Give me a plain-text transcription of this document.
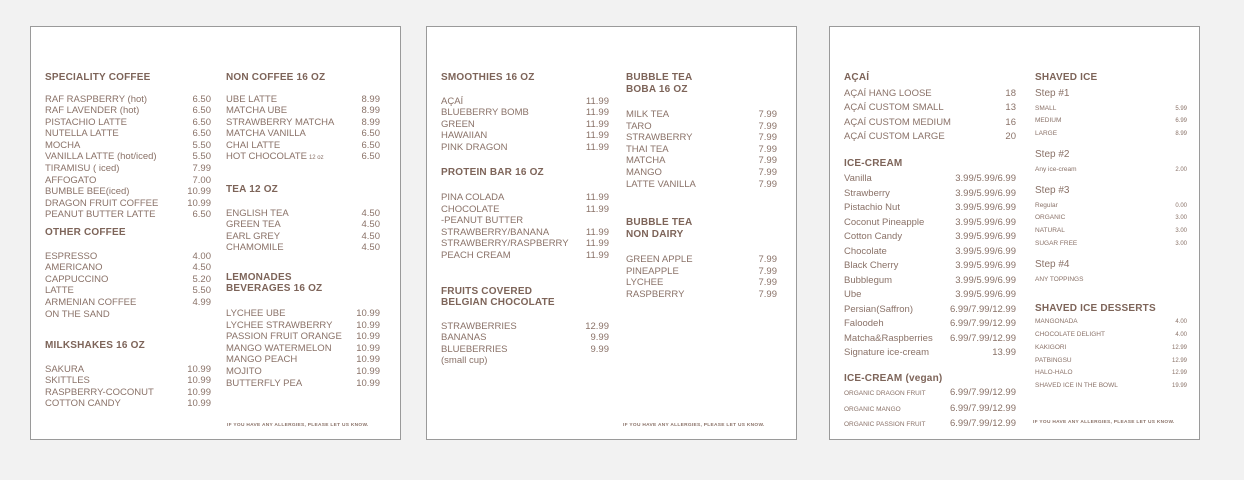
SPECIALITY COFFEE
RAF RASPBERRY (hot)	6.50
RAF LAVENDER (hot)	6.50
PISTACHIO LATTE	6.50
NUTELLA LATTE	6.50
MOCHA	5.50
VANILLA LATTE (hot/iced)	5.50
TIRAMISU ( iced)	7.99
AFFOGATO	7.00
BUMBLE BEE(iced)	10.99
DRAGON FRUIT COFFEE	10.99
PEANUT BUTTER LATTE	6.50
OTHER COFFEE
ESPRESSO	4.00
AMERICANO	4.50
CAPPUCCINO	5.20
LATTE	5.50
ARMENIAN COFFEE	4.99
ON THE SAND
MILKSHAKES 16 OZ
SAKURA	10.99
SKITTLES	10.99
RASPBERRY-COCONUT	10.99
COTTON CANDY	10.99
NON COFFEE 16 OZ
UBE LATTE	8.99
MATCHA UBE	8.99
STRAWBERRY MATCHA	8.99
MATCHA VANILLA	6.50
CHAI LATTE	6.50
HOT CHOCOLATE 12 oz	6.50
TEA 12 OZ
ENGLISH TEA	4.50
GREEN TEA	4.50
EARL GREY	4.50
CHAMOMILE	4.50
LEMONADES
BEVERAGES 16 OZ
LYCHEE UBE	10.99
LYCHEE STRAWBERRY	10.99
PASSION FRUIT ORANGE 10.99
MANGO WATERMELON	10.99
MANGO PEACH	10.99
MOJITO	10.99
BUTTERFLY PEA	10.99
IF YOU HAVE ANY ALLERGIES, PLEASE LET US KNOW.
SMOOTHIES 16 OZ
AÇAÍ	11.99
BLUEBERRY BOMB	11.99
GREEN	11.99
HAWAIIAN	11.99
PINK DRAGON	11.99
PROTEIN BAR 16 OZ
PINA COLADA	11.99
CHOCOLATE	11.99
-PEANUT BUTTER
STRAWBERRY/BANANA	11.99
STRAWBERRY/RASPBERRY 11.99
PEACH CREAM	11.99
FRUITS COVERED
BELGIAN CHOCOLATE
STRAWBERRIES	12.99
BANANAS	9.99
BLUEBERRIES	9.99
(small cup)
BUBBLE TEA
BOBA 16 OZ
MILK TEA	7.99
TARO	7.99
STRAWBERRY	7.99
THAI TEA	7.99
MATCHA	7.99
MANGO	7.99
LATTE VANILLA	7.99
BUBBLE TEA
NON DAIRY
GREEN APPLE	7.99
PINEAPPLE	7.99
LYCHEE	7.99
RASPBERRY	7.99
IF YOU HAVE ANY ALLERGIES, PLEASE LET US KNOW.
AÇAÍ
AÇAÍ HANG LOOSE	18
AÇAÍ CUSTOM SMALL	13
AÇAÍ CUSTOM MEDIUM	16
AÇAÍ CUSTOM LARGE	20
ICE-CREAM
Vanilla	3.99/5.99/6.99
Strawberry	3.99/5.99/6.99
Pistachio Nut	3.99/5.99/6.99
Coconut Pineapple	3.99/5.99/6.99
Cotton Candy	3.99/5.99/6.99
Chocolate	3.99/5.99/6.99
Black Cherry	3.99/5.99/6.99
Bubblegum	3.99/5.99/6.99
Ube	3.99/5.99/6.99
Persian(Saffron)	6.99/7.99/12.99
Faloodeh	6.99/7.99/12.99
Matcha&Raspberries 6.99/7.99/12.99
Signature ice-cream	13.99
ICE-CREAM (vegan)
ORGANIC DRAGON FRUIT	6.99/7.99/12.99
ORGANIC MANGO	6.99/7.99/12.99
ORGANIC PASSION FRUIT	6.99/7.99/12.99
SHAVED ICE
Step #1
SMALL	5.99
MEDIUM	6.99
LARGE	8.99
Step #2
Any ice-cream	2.00
Step #3
Regular	0.00
ORGANIC	3.00
NATURAL	3.00
SUGAR FREE	3.00
Step #4
ANY TOPPINGS
SHAVED ICE DESSERTS
MANGONADA	4.00
CHOCOLATE DELIGHT	4.00
KAKIGORI	12.99
PATBINGSU	12.99
HALO-HALO	12.99
SHAVED ICE IN THE BOWL	19.99
IF YOU HAVE ANY ALLERGIES, PLEASE LET US KNOW.
